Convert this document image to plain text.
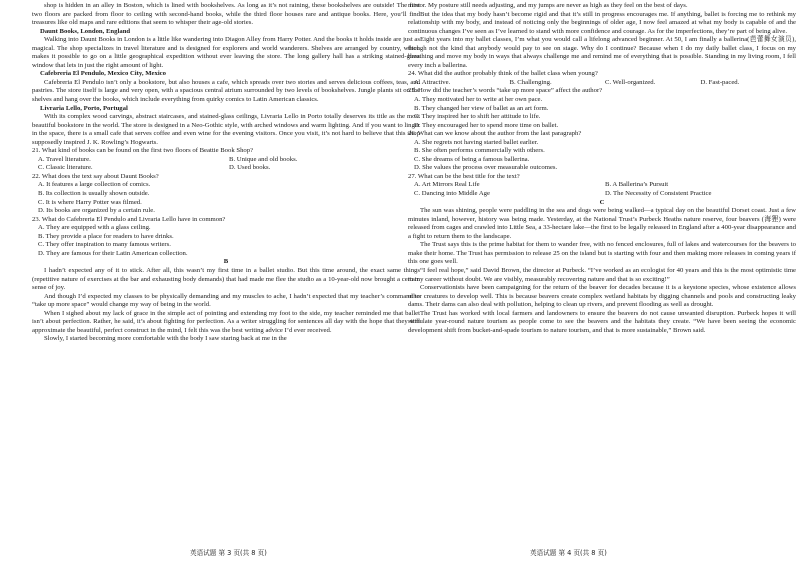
shop is hidden in an alley in Boston, which is lined with bookshelves. As long as it’s not raining, these bookshelves are outside! The first two floors are packed from floor to ceiling with second-hand books, while the third floor houses rare and antique books. Here, you’ll find treasures like old maps and rare editions that seem to whisper their age-old stories.

Daunt Books, London, England

Walking into Daunt Books in London is a little like wandering into Diagon Alley from Harry Potter. And the books it holds inside are just as magical. The shop specializes in travel literature and is designed for explorers and world wanderers. Shelves are arranged by country, which makes it possible to go on a little geographical expedition without ever leaving the store. The long gallery hall has a striking stained-glass window that lets in just the right amount of light.

Cafebreria El Pendulo, Mexico City, Mexico

Cafebreria El Pendulo isn’t only a bookstore, but also houses a cafe, which spreads over two stories and serves delicious coffees, teas, and pastries. The store itself is large and very open, with a spacious central atrium surrounded by two levels of bookshelves. Jungle plants sit on the shelves and hang over the books, which include everything from quirky comics to Latin American classics.

Livraria Lello, Porto, Portugal

With its complex wood carvings, abstract staircases, and stained-glass ceilings, Livraria Lello in Porto totally deserves its title as the most beautiful bookstore in the world. The store is designed in a Neo-Gothic style, with arched windows and warm lighting. And if you want to linger in the space, there is a small cafe that serves coffee and even wine for the evening visitors. Once you visit, it’s not hard to believe that this shop supposedly inspired J. K. Rowling’s Hogwarts.

21. What kind of books can be found on the first two floors of Beattie Book Shop?

A. Travel literature.	B. Unique and old books.
C. Classic literature.	D. Used books.

22. What does the text say about Daunt Books?

A. It features a large collection of comics.

B. Its collection is usually shown outside.

C. It is where Harry Potter was filmed.

D. Its books are organized by a certain rule.

23. What do Cafebreria El Pendulo and Livraria Lello have in common?

A. They are equipped with a glass ceiling.

B. They provide a place for readers to have drinks.

C. They offer inspiration to many famous writers.

D. They are famous for their Latin American collection.

B

I hadn’t expected any of it to stick. After all, this wasn’t my first time in a ballet studio. But this time around, the exact same things (repetitive nature of exercises at the bar and exhausting body demands) that had made me flee the studio as a 10-year-old now brought a certain sense of joy.

And though I’d expected my classes to be physically demanding and my muscles to ache, I hadn’t expected that my teacher’s command to “take up more space” would change my way of being in the world.

When I sighed about my lack of grace in the simple act of pointing and extending my foot to the side, my teacher reminded me that ballet isn’t about perfection. Rather, he said, it’s about fighting for perfection. As a writer struggling for sentences all day with the hope that they will approximate the beautiful, perfect construct in the mind, I felt this was the best writing advice I’d ever received.

Slowly, I started becoming more comfortable with the body I saw staring back at me in the

mirror. My posture still needs adjusting, and my jumps are never as high as they feel on the best of days.

But the idea that my body hasn’t become rigid and that it’s still in progress encourages me. If anything, ballet is forcing me to rethink my relationship with my body, and instead of noticing only the beginnings of older age, I now feel amazed at what my body is capable of and the continuous changes I’ve seen as I’ve learned to stand with more confidence and courage. As for the imperfections, they’re part of being alive.

Eight years into my ballet classes, I’m what you would call a lifelong advanced beginner. At 50, I am finally a ballerina(芭蕾舞女演员), though not the kind that anybody would pay to see on stage. Why do I continue? Because when I do my daily ballet class, I focus on my breathing and move my body in ways that always challenge me and remind me of everything that is possible. Standing in my living room, I fell every inch a ballerina.

24. What did the author probably think of the ballet class when young?

A. Attractive.	B. Challenging.	C. Well-organized.	D. Fast-paced.

25. How did the teacher’s words “take up more space” affect the author?

A. They motivated her to write at her own pace.

B. They changed her view of ballet as an art form.

C. They inspired her to shift her attitude to life.

D. They encouraged her to spend more time on ballet.

26. What can we know about the author from the last paragraph?

A. She regrets not having started ballet earlier.

B. She often performs commercially with others.

C. She dreams of being a famous ballerina.

D. She values the process over measurable outcomes.

27. What can be the best title for the text?

A. Art Mirrors Real Life	B. A Ballerina’s Pursuit
C. Dancing into Middle Age	D. The Necessity of Consistent Practice

C

The sun was shining, people were paddling in the sea and dogs were being walked—a typical day on the beautiful Dorset coast. Just a few minutes inland, however, history was being made. Yesterday, at the National Trust’s Purbeck Heaths nature reserve, four beavers (海狸) were released from cages and crawled into Little Sea, a 33-hectare lake—the first to be legally released in England after a 400-year disappearance and a fight to return them to the landscape.

The Trust says this is the prime habitat for them to wander free, with no fenced enclosures, full of lakes and watercourses for the beavers to make their home. The Trust has permission to release 25 on the island but is starting with four and then making more releases in coming years if this one goes well.

“I feel real hope,” said David Brown, the director at Purbeck. “I’ve worked as an ecologist for 40 years and this is the most optimistic time in my career without doubt. We are visibly, measurably recovering nature and that is so exciting!”

Conservationists have been campaigning for the return of the beaver for decades because it is a keystone species, whose existence allows other creatures to develop well. This is because beavers create complex wetland habitats by digging channels and pools and constructing leaky dams. Their dams can also deal with pollution, helping to clean up rivers, and prevent flooding as well as drought.

The Trust has worked with local farmers and landowners to ensure the beavers do not cause unwanted disruption. Purbeck hopes it will stimulate year-round nature tourism as people come to see the beavers and the habitats they create. “We have been seeing the economic development shift from bucket-and-spade tourism to nature tourism, and that is more sustainable,” Brown said.

英语试题 第 3 页(共 8 页)	英语试题 第 4 页(共 8 页)
